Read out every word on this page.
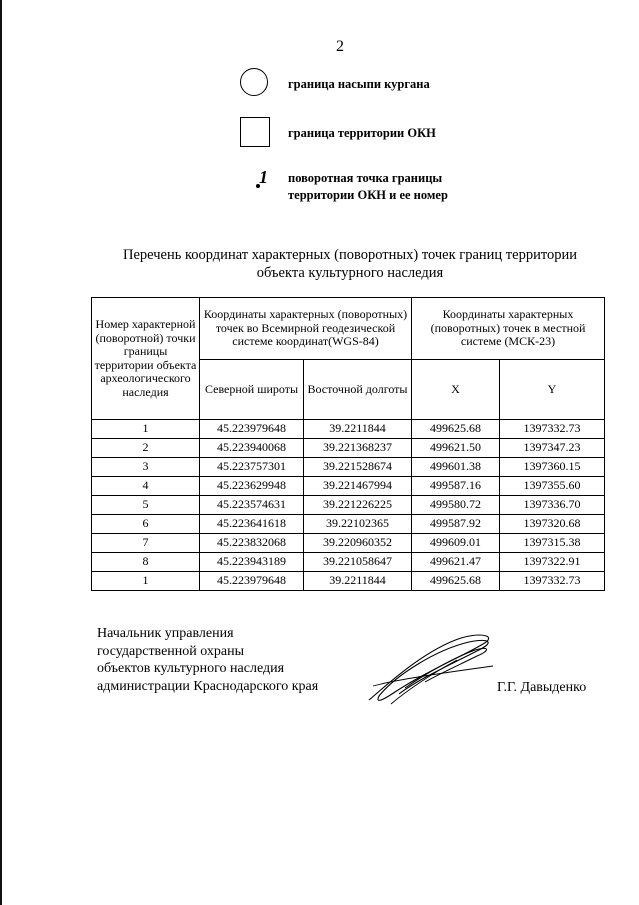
2
граница насыпи кургана
граница территории ОКН
1 поворотная точка границы
территории ОКН и ее номер
Перечень координат характерных (поворотных) точек границ территории
объекта культурного наследия
Номер характерной (поворотной) точки границы территории объекта археологического наследия	Координаты характерных (поворотных) точек во Всемирной геодезической системе координат(WGS-84)		Координаты характерных (поворотных) точек в местной системе (МСК-23)	
	Северной широты	Восточной долготы	X	Y
1	45.223979648	39.2211844	499625.68	1397332.73
2	45.223940068	39.221368237	499621.50	1397347.23
3	45.223757301	39.221528674	499601.38	1397360.15
4	45.223629948	39.221467994	499587.16	1397355.60
5	45.223574631	39.221226225	499580.72	1397336.70
6	45.223641618	39.22102365	499587.92	1397320.68
7	45.223832068	39.220960352	499609.01	1397315.38
8	45.223943189	39.221058647	499621.47	1397322.91
1	45.223979648	39.2211844	499625.68	1397332.73
Начальник управления
государственной охраны
объектов культурного наследия
администрации Краснодарского края	Г.Г. Давыденко
